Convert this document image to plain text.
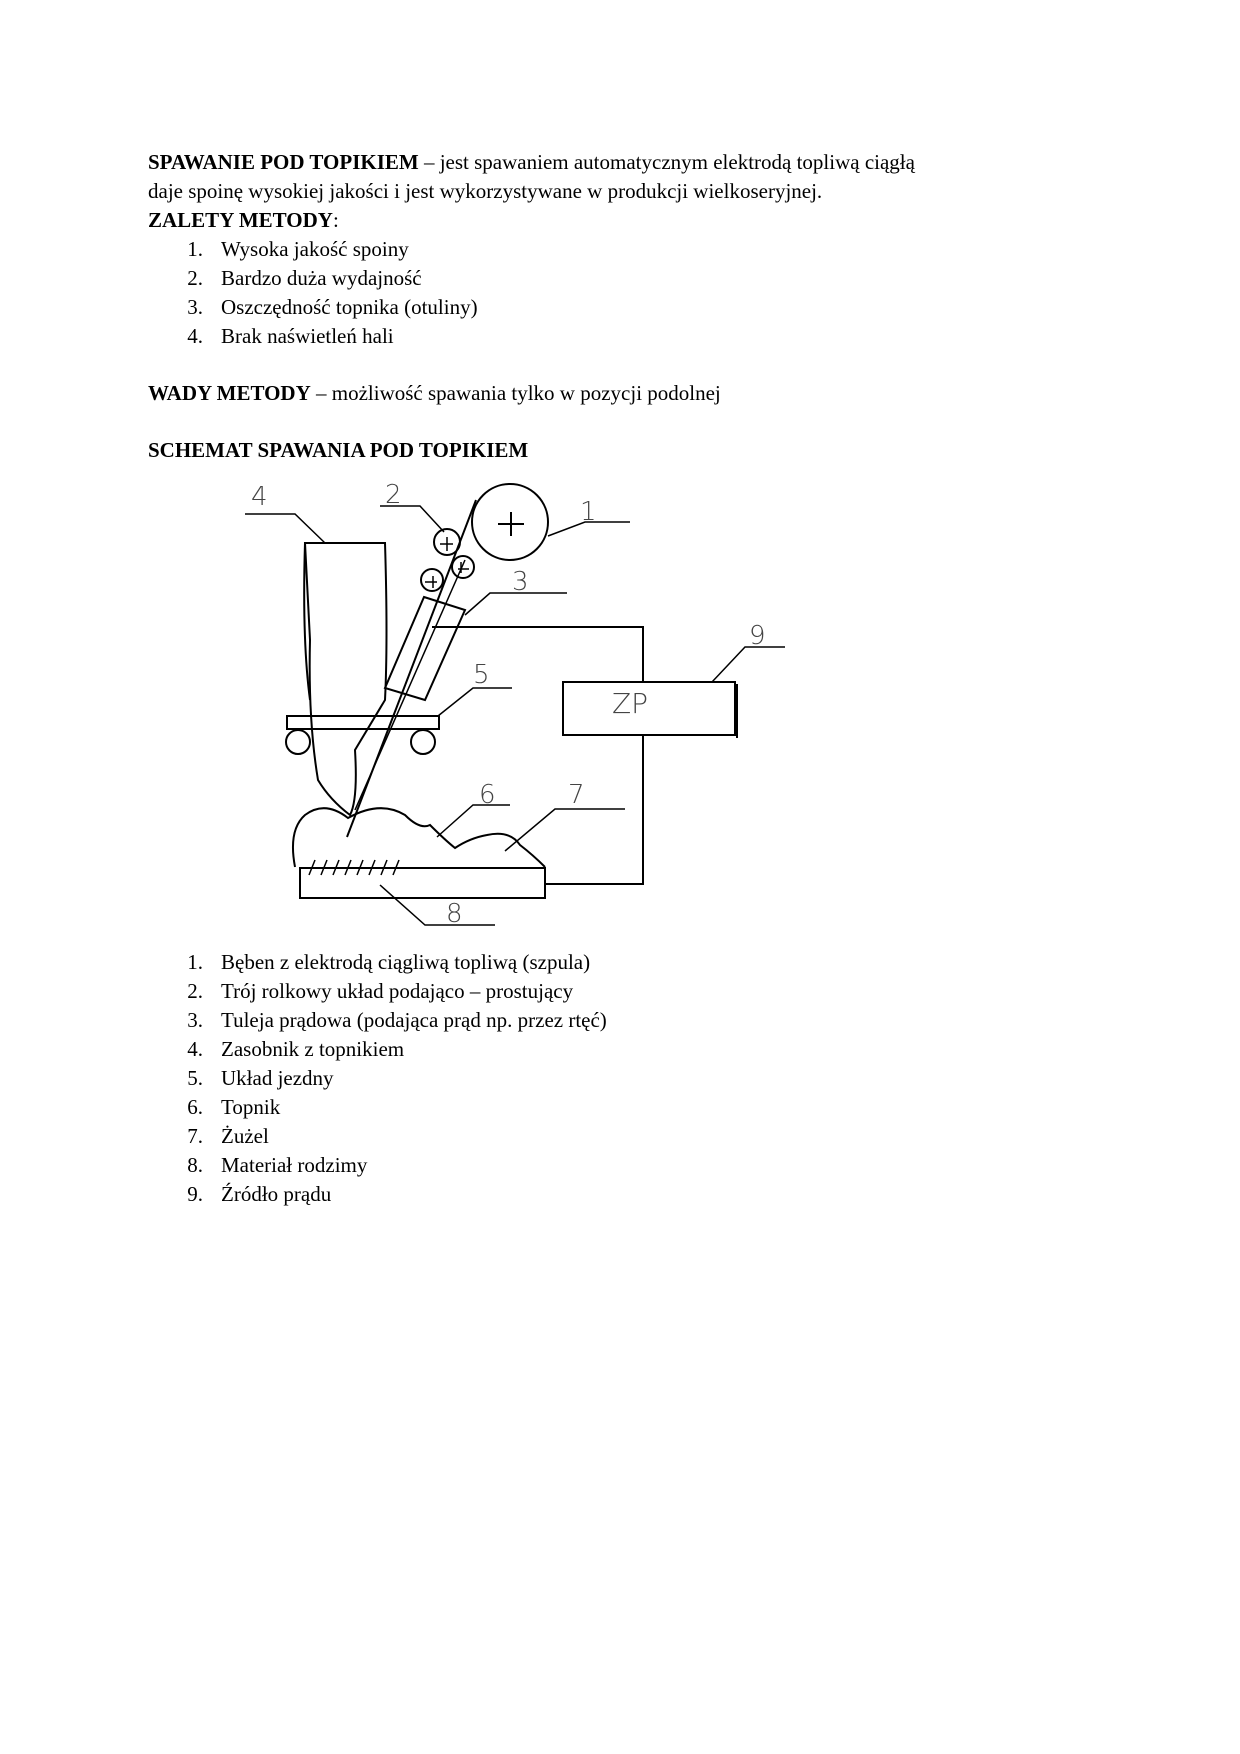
SPAWANIE POD TOPIKIEM – jest spawaniem automatycznym elektrodą topliwą ciągłą

daje spoinę wysokiej jakości i jest wykorzystywane w produkcji wielkoseryjnej.

ZALETY METODY:

1. Wysoka jakość spoiny
2. Bardzo duża wydajność
3. Oszczędność topnika (otuliny)
4. Brak naświetleń hali

WADY METODY – możliwość spawania tylko w pozycji podolnej

SCHEMAT SPAWANIA POD TOPIKIEM

4	1
2
3
ZP
9
5
6	7
8
1. Bęben z elektrodą ciągliwą topliwą (szpula)
2. Trój rolkowy układ podająco – prostujący
3. Tuleja prądowa (podająca prąd np. przez rtęć)
4. Zasobnik z topnikiem
5. Układ jezdny
6. Topnik
7. Żużel
8. Materiał rodzimy
9. Źródło prądu
